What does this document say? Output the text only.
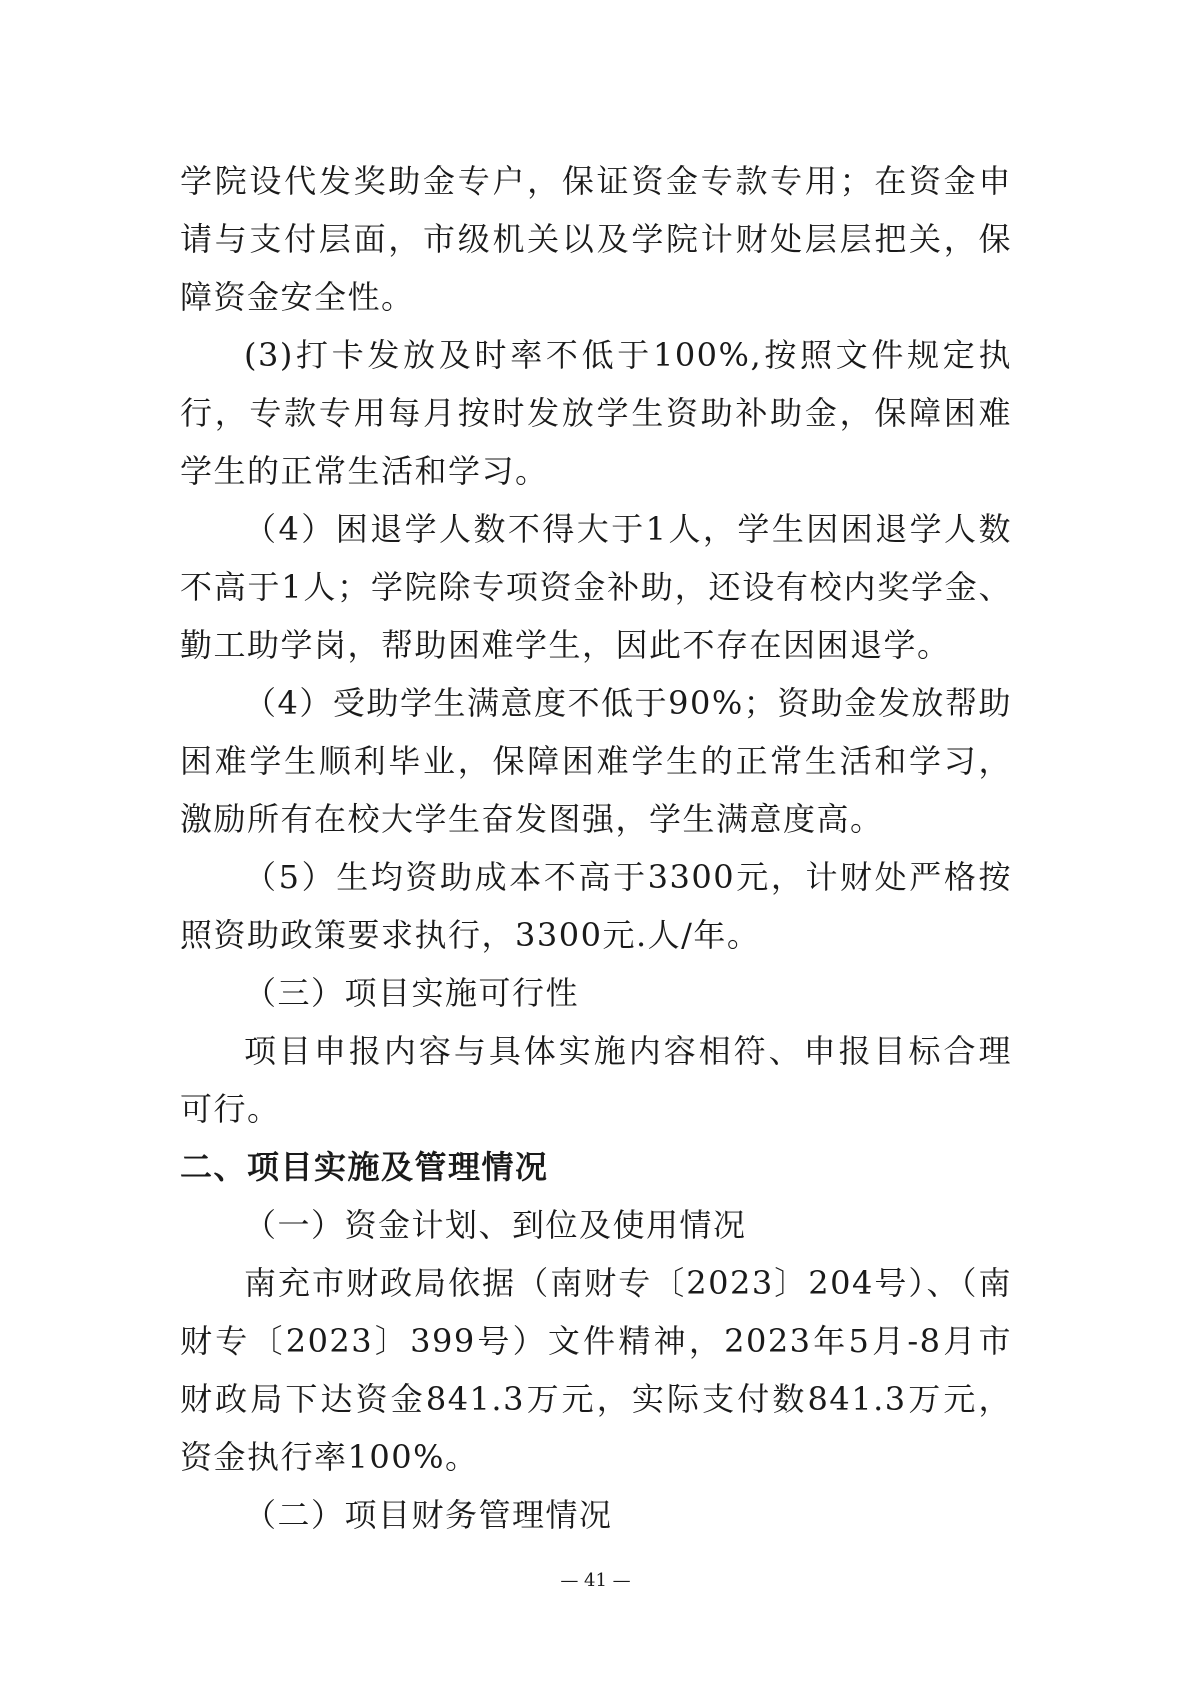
学院设代发奖助金专户，保证资金专款专用；在资金申请与支付层面，市级机关以及学院计财处层层把关，保障资金安全性。

(3)打卡发放及时率不低于100%,按照文件规定执行，专款专用每月按时发放学生资助补助金，保障困难学生的正常生活和学习。

（4）困退学人数不得大于1人，学生因困退学人数不高于1人；学院除专项资金补助，还设有校内奖学金、勤工助学岗，帮助困难学生，因此不存在因困退学。

（4）受助学生满意度不低于90%；资助金发放帮助困难学生顺利毕业，保障困难学生的正常生活和学习，激励所有在校大学生奋发图强，学生满意度高。

（5）生均资助成本不高于3300元，计财处严格按照资助政策要求执行，3300元.人/年。

（三）项目实施可行性

项目申报内容与具体实施内容相符、申报目标合理可行。

二、项目实施及管理情况
（一）资金计划、到位及使用情况

南充市财政局依据（南财专〔2023〕204号）、（南财专〔2023〕399号）文件精神，2023年5月-8月市财政局下达资金841.3万元，实际支付数841.3万元，资金执行率100%。

（二）项目财务管理情况
— 41 —
